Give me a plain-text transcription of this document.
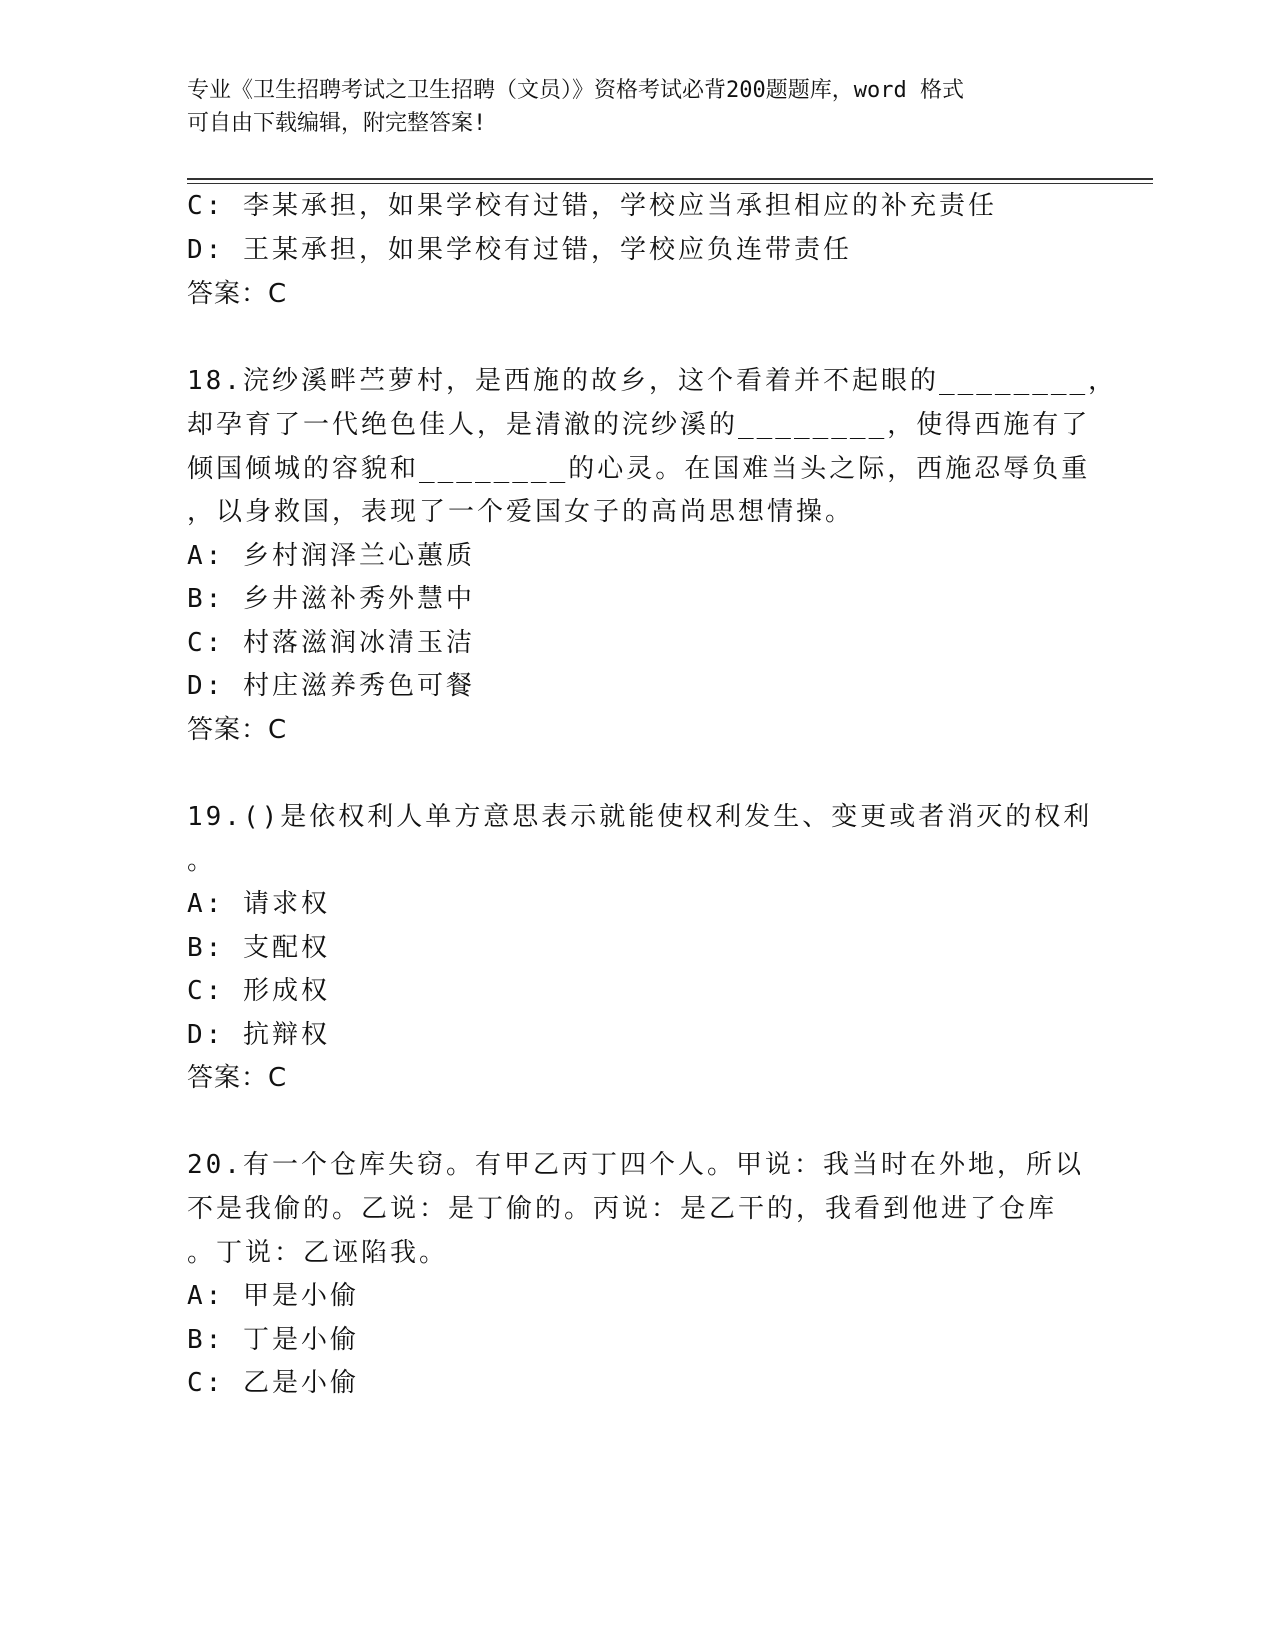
专业《卫生招聘考试之卫生招聘（文员）》资格考试必背200题题库，word 格式
可自由下载编辑，附完整答案!
C: 李某承担，如果学校有过错，学校应当承担相应的补充责任
D: 王某承担，如果学校有过错，学校应负连带责任
答案：C
18.浣纱溪畔苎萝村，是西施的故乡，这个看着并不起眼的________，
却孕育了一代绝色佳人，是清澈的浣纱溪的________，使得西施有了
倾国倾城的容貌和________的心灵。在国难当头之际，西施忍辱负重
，以身救国，表现了一个爱国女子的高尚思想情操。
A: 乡村润泽兰心蕙质
B: 乡井滋补秀外慧中
C: 村落滋润冰清玉洁
D: 村庄滋养秀色可餐
答案：C
19.()是依权利人单方意思表示就能使权利发生、变更或者消灭的权利
。
A: 请求权
B: 支配权
C: 形成权
D: 抗辩权
答案：C
20.有一个仓库失窃。有甲乙丙丁四个人。甲说：我当时在外地，所以
不是我偷的。乙说：是丁偷的。丙说：是乙干的，我看到他进了仓库
。丁说：乙诬陷我。
A: 甲是小偷
B: 丁是小偷
C: 乙是小偷
